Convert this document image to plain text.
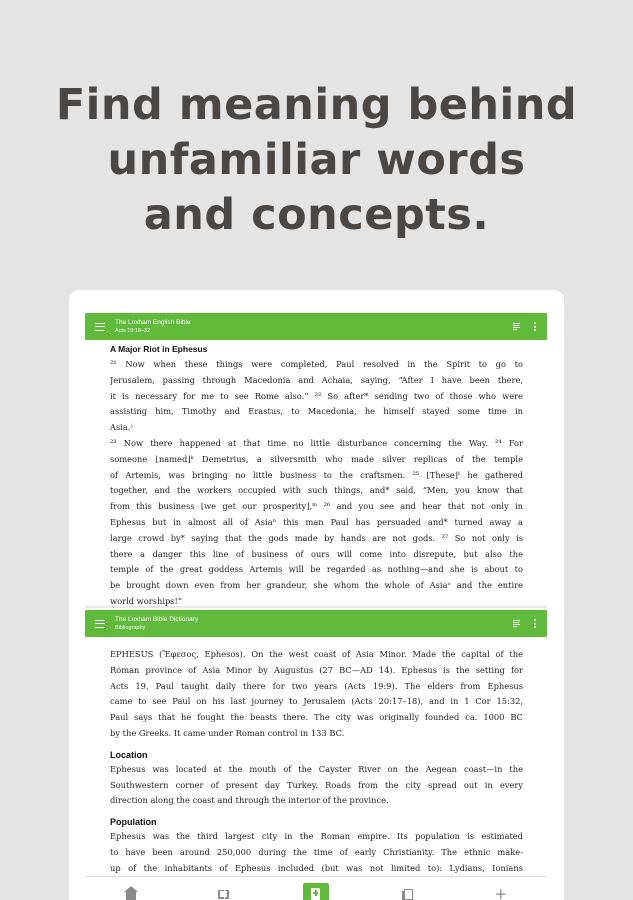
Find meaning behind
unfamiliar words
and concepts.
The Lexham English Bible
Acts 19:18–32
A Major Riot in Ephesus
²¹ Now when these things were completed, Paul resolved in the Spirit to go to
Jerusalem, passing through Macedonia and Achaia, saying, “After I have been there,
it is necessary for me to see Rome also.” ²² So after* sending two of those who were
assisting him, Timothy and Erastus, to Macedonia, he himself stayed some time in
Asia.ʲ
²³ Now there happened at that time no little disturbance concerning the Way. ²⁴ For
someone ⌊named⌋ᵏ Demetrius, a silversmith who made silver replicas of the temple
of Artemis, was bringing no little business to the craftsmen. ²⁵ ⌊These⌋ˡ he gathered
together, and the workers occupied with such things, and* said, “Men, you know that
from this business ⌊we get our prosperity⌋,ᵐ ²⁶ and you see and hear that not only in
Ephesus but in almost all of Asiaⁿ this man Paul has persuaded and* turned away a
large crowd by* saying that the gods made by hands are not gods. ²⁷ So not only is
there a danger this line of business of ours will come into disrepute, but also the
temple of the great goddess Artemis will be regarded as nothing—and she is about to
be brought down even from her grandeur, she whom the whole of Asiaᵒ and the entire
world worships!”
The Lexham Bible Dictionary
Bibliography
EPHESUS (Ἔφεσος, Ephesos). On the west coast of Asia Minor. Made the capital of the
Roman province of Asia Minor by Augustus (27 BC—AD 14). Ephesus is the setting for
Acts 19. Paul taught daily there for two years (Acts 19:9). The elders from Ephesus
came to see Paul on his last journey to Jerusalem (Acts 20:17–18), and in 1 Cor 15:32,
Paul says that he fought the beasts there. The city was originally founded ca. 1000 BC
by the Greeks. It came under Roman control in 133 BC.
Location
Ephesus was located at the mouth of the Cayster River on the Aegean coast—in the
Southwestern corner of present day Turkey. Roads from the city spread out in every
direction along the coast and through the interior of the province.
Population
Ephesus was the third largest city in the Roman empire. Its population is estimated
to have been around 250,000 during the time of early Christianity. The ethnic make-
up of the inhabitants of Ephesus included (but was not limited to): Lydians, Ionians
+
